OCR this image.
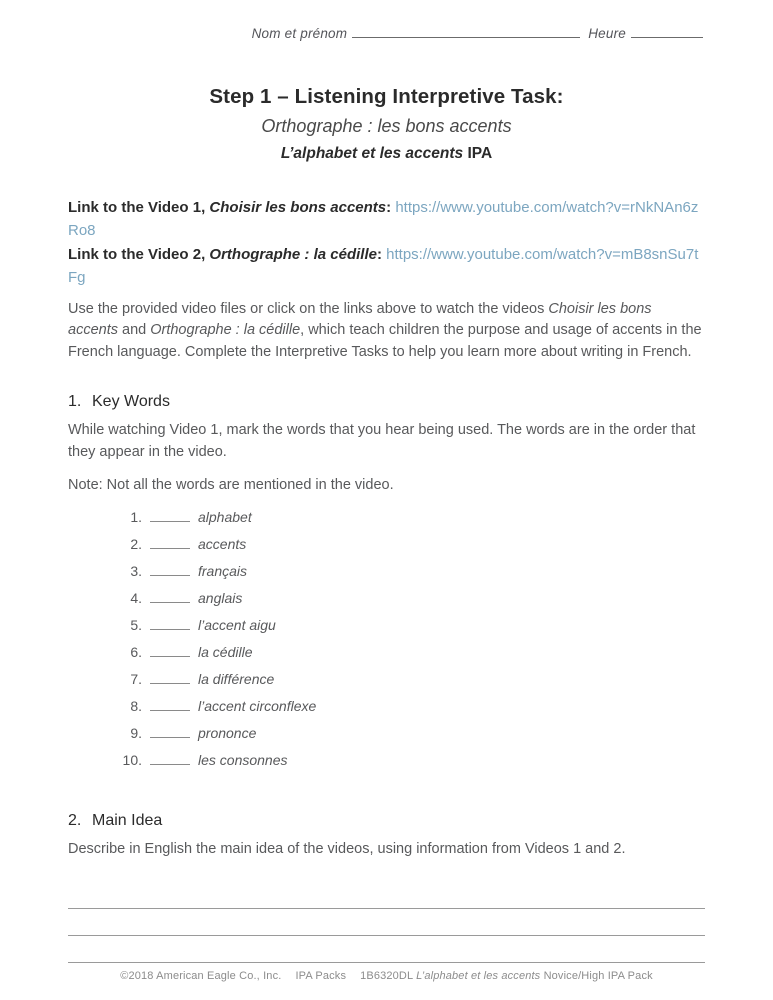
Nom et prénom	Heure
Step 1 – Listening Interpretive Task:
Orthographe : les bons accents
L’alphabet et les accents IPA
Link to the Video 1, Choisir les bons accents: https://www.youtube.com/watch?v=rNkNAn6zRo8
Link to the Video 2, Orthographe : la cédille: https://www.youtube.com/watch?v=mB8snSu7tFg
Use the provided video files or click on the links above to watch the videos Choisir les bons accents and Orthographe : la cédille, which teach children the purpose and usage of accents in the French language. Complete the Interpretive Tasks to help you learn more about writing in French.
1. Key Words

While watching Video 1, mark the words that you hear being used. The words are in the order that they appear in the video.

Note: Not all the words are mentioned in the video.

1.	alphabet
2.	accents
3.	français
4.	anglais
5.	l’accent aigu
6.	la cédille
7.	la différence
8.	l’accent circonflexe
9.	prononce
10.	les consonnes
2. Main Idea

Describe in English the main idea of the videos, using information from Videos 1 and 2.

©2018 American Eagle Co., Inc. IPA Packs 1B6320DL L’alphabet et les accents Novice/High IPA Pack
